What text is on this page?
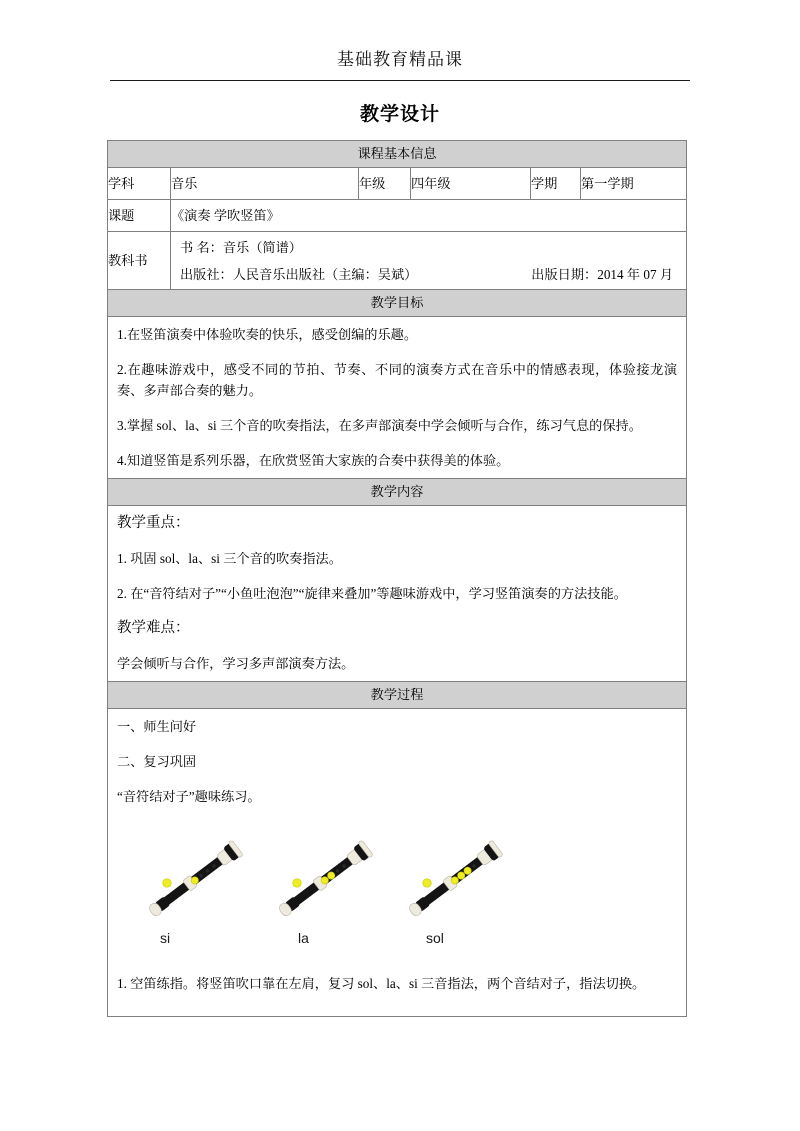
基础教育精品课
教学设计
课程基本信息					
学科	音乐	年级	四年级	学期	第一学期
课题	《演奏 学吹竖笛》				
教科书	书 名：音乐（简谱）
出版社： 人民音乐出版社（主编：吴斌） 出版日期：2014 年 07 月				

教学目标					

1.在竖笛演奏中体验吹奏的快乐，感受创编的乐趣。

2.在趣味游戏中，感受不同的节拍、节奏、不同的演奏方式在音乐中的情感表现，体验接龙演奏、多声部合奏的魅力。

3.掌握 sol、la、si 三个音的吹奏指法，在多声部演奏中学会倾听与合作，练习气息的保持。

4.知道竖笛是系列乐器，在欣赏竖笛大家族的合奏中获得美的体验。					

教学内容					

教学重点：

1. 巩固 sol、la、si 三个音的吹奏指法。

2. 在“音符结对子”“小鱼吐泡泡”“旋律来叠加”等趣味游戏中，学习竖笛演奏的方法技能。

教学难点：

学会倾听与合作，学习多声部演奏方法。					

教学过程					

一、师生问好

二、复习巩固

“音符结对子”趣味练习。

si	la	sol

1. 空笛练指。将竖笛吹口靠在左肩，复习 sol、la、si 三音指法，两个音结对子，指法切换。
